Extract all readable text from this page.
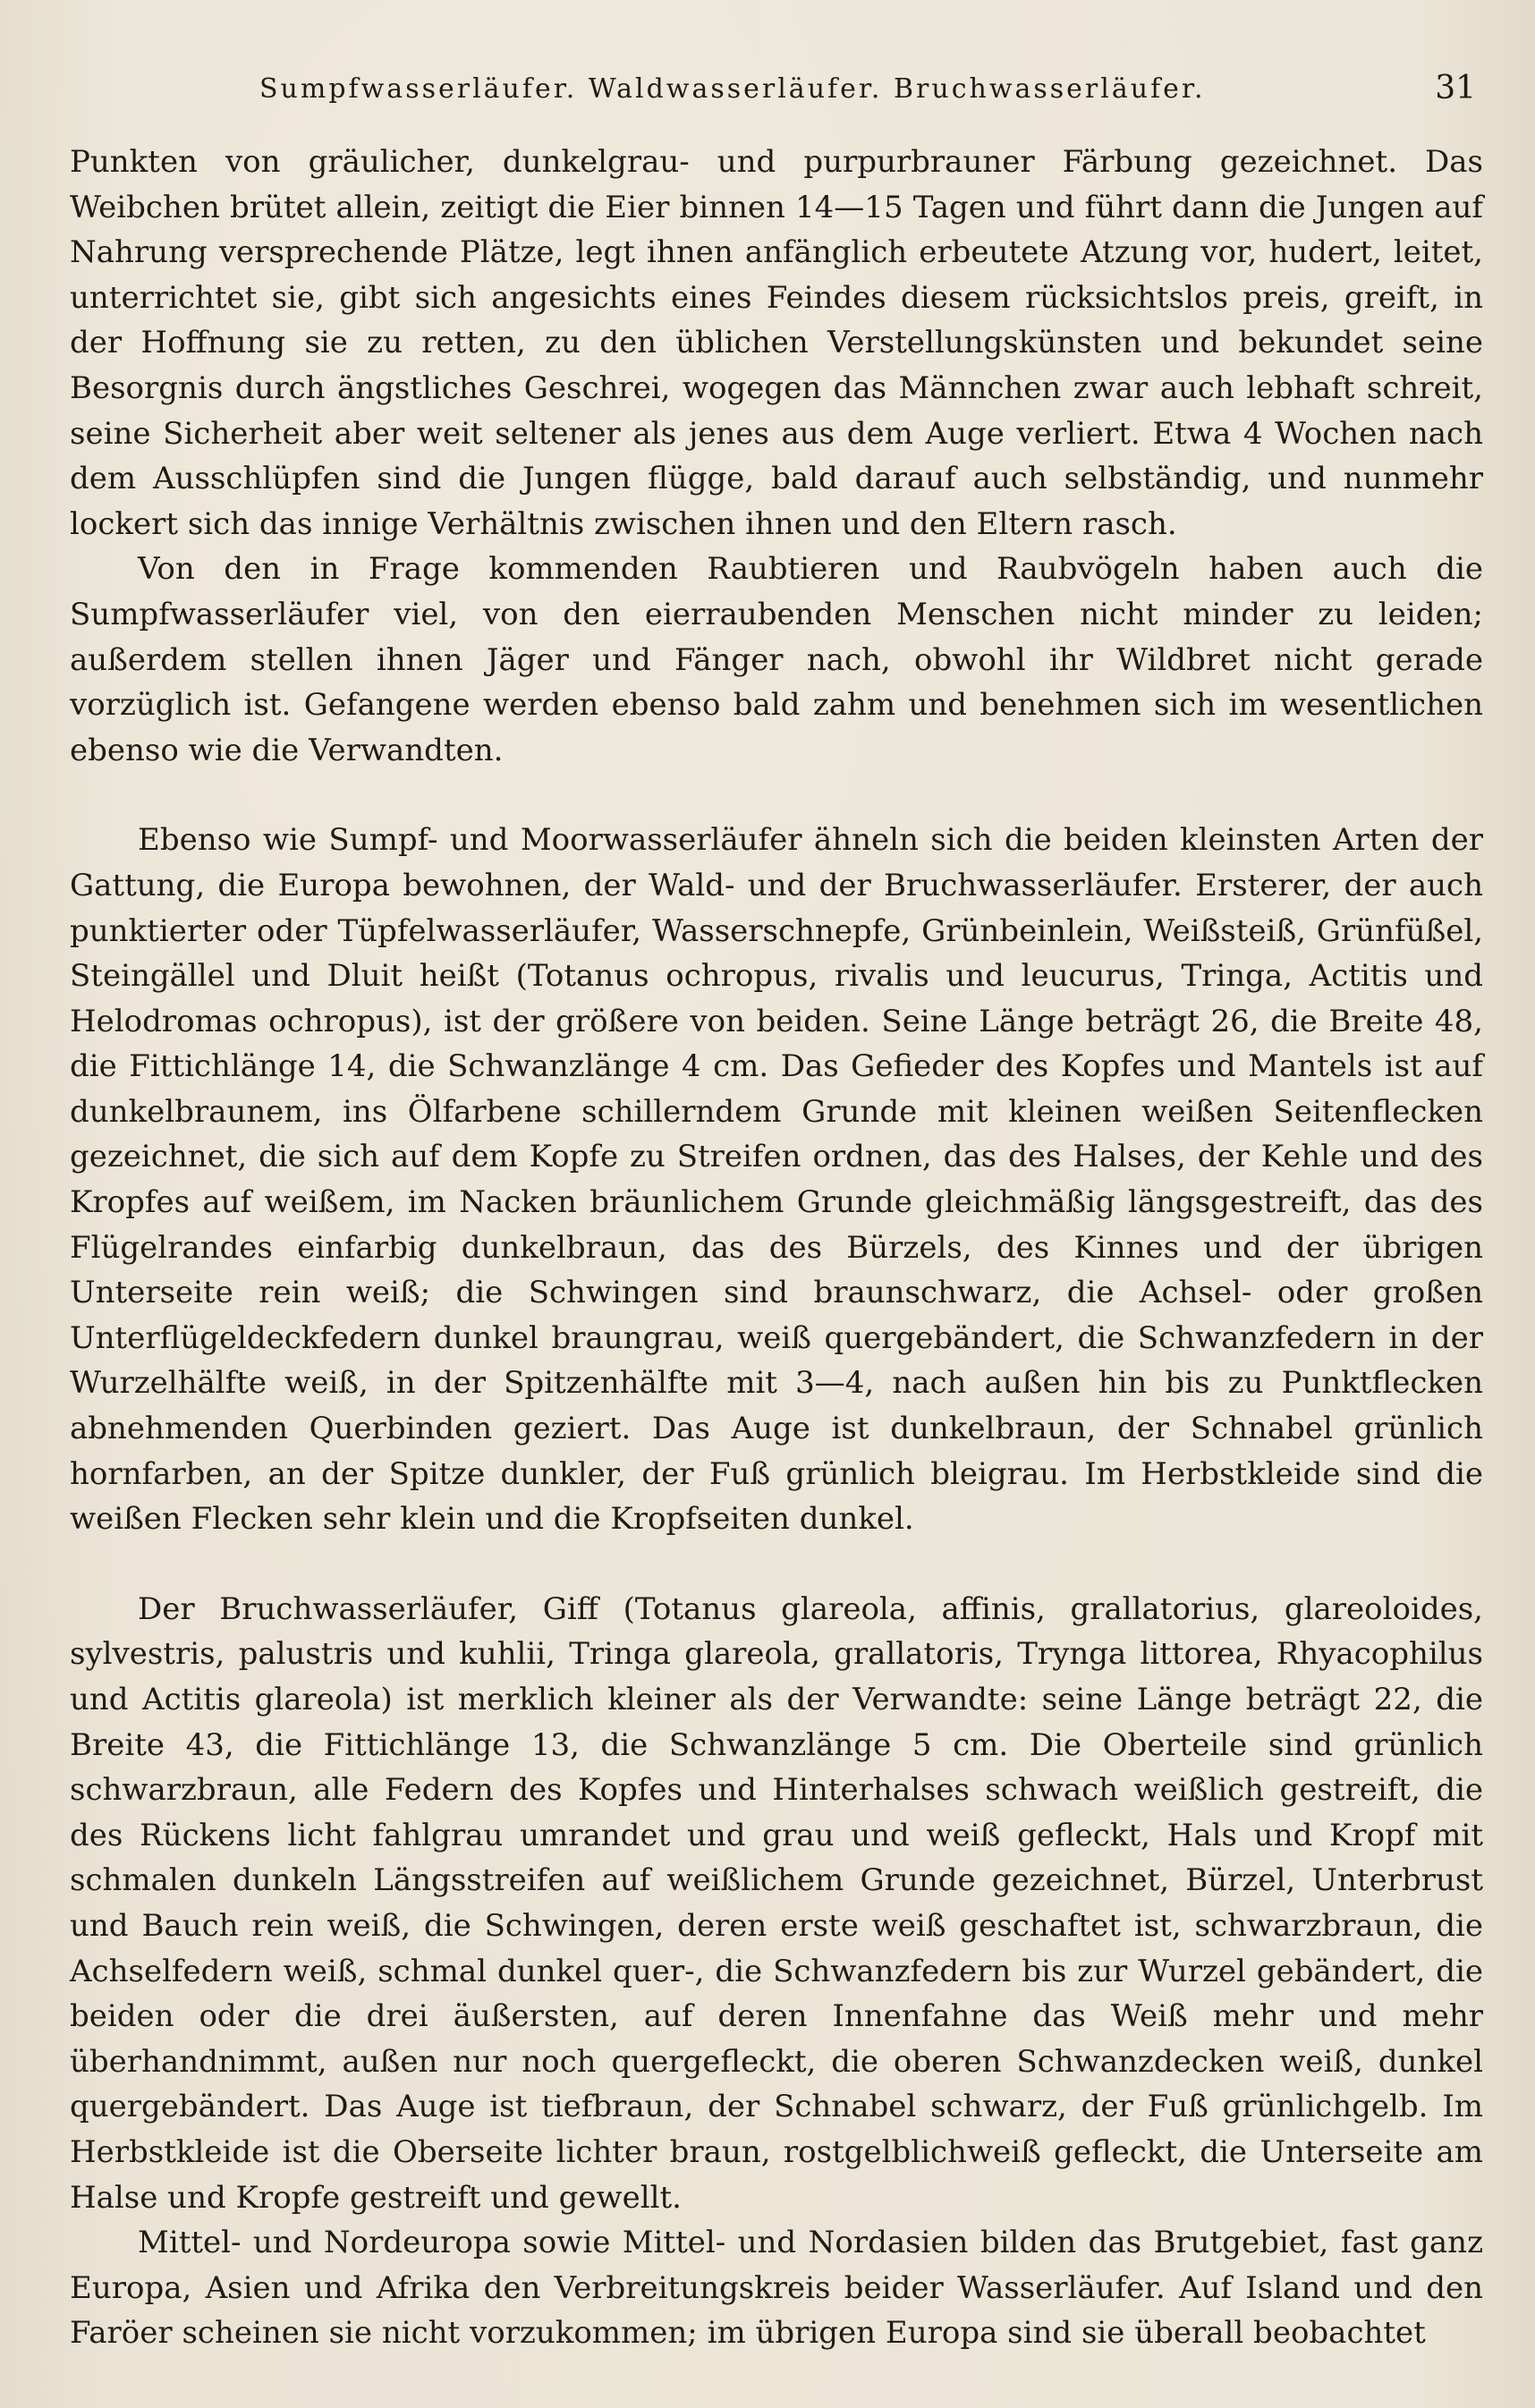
Sumpfwasserläufer. Waldwasserläufer. Bruchwasserläufer.	31

Punkten von gräulicher, dunkelgrau- und purpurbrauner Färbung gezeichnet. Das Weibchen brütet allein, zeitigt die Eier binnen 14—15 Tagen und führt dann die Jungen auf Nahrung versprechende Plätze, legt ihnen anfänglich erbeutete Atzung vor, hudert, leitet, unterrichtet sie, gibt sich angesichts eines Feindes diesem rücksichtslos preis, greift, in der Hoffnung sie zu retten, zu den üblichen Verstellungskünsten und bekundet seine Besorgnis durch ängstliches Geschrei, wogegen das Männchen zwar auch lebhaft schreit, seine Sicherheit aber weit seltener als jenes aus dem Auge verliert. Etwa 4 Wochen nach dem Ausschlüpfen sind die Jungen flügge, bald darauf auch selbständig, und nunmehr lockert sich das innige Verhältnis zwischen ihnen und den Eltern rasch.

Von den in Frage kommenden Raubtieren und Raubvögeln haben auch die Sumpfwasserläufer viel, von den eierraubenden Menschen nicht minder zu leiden; außerdem stellen ihnen Jäger und Fänger nach, obwohl ihr Wildbret nicht gerade vorzüglich ist. Gefangene werden ebenso bald zahm und benehmen sich im wesentlichen ebenso wie die Verwandten.

Ebenso wie Sumpf- und Moorwasserläufer ähneln sich die beiden kleinsten Arten der Gattung, die Europa bewohnen, der Wald- und der Bruchwasserläufer. Ersterer, der auch punktierter oder Tüpfelwasserläufer, Wasserschnepfe, Grünbeinlein, Weißsteiß, Grünfüßel, Steingällel und Dluit heißt (Totanus ochropus, rivalis und leucurus, Tringa, Actitis und Helodromas ochropus), ist der größere von beiden. Seine Länge beträgt 26, die Breite 48, die Fittichlänge 14, die Schwanzlänge 4 cm. Das Gefieder des Kopfes und Mantels ist auf dunkelbraunem, ins Ölfarbene schillerndem Grunde mit kleinen weißen Seitenflecken gezeichnet, die sich auf dem Kopfe zu Streifen ordnen, das des Halses, der Kehle und des Kropfes auf weißem, im Nacken bräunlichem Grunde gleichmäßig längsgestreift, das des Flügelrandes einfarbig dunkelbraun, das des Bürzels, des Kinnes und der übrigen Unterseite rein weiß; die Schwingen sind braunschwarz, die Achsel- oder großen Unterflügeldeckfedern dunkel braungrau, weiß quergebändert, die Schwanzfedern in der Wurzelhälfte weiß, in der Spitzenhälfte mit 3—4, nach außen hin bis zu Punktflecken abnehmenden Querbinden geziert. Das Auge ist dunkelbraun, der Schnabel grünlich hornfarben, an der Spitze dunkler, der Fuß grünlich bleigrau. Im Herbstkleide sind die weißen Flecken sehr klein und die Kropfseiten dunkel.

Der Bruchwasserläufer, Giff (Totanus glareola, affinis, grallatorius, glareoloides, sylvestris, palustris und kuhlii, Tringa glareola, grallatoris, Trynga littorea, Rhyacophilus und Actitis glareola) ist merklich kleiner als der Verwandte: seine Länge beträgt 22, die Breite 43, die Fittichlänge 13, die Schwanzlänge 5 cm. Die Oberteile sind grünlich schwarzbraun, alle Federn des Kopfes und Hinterhalses schwach weißlich gestreift, die des Rückens licht fahlgrau umrandet und grau und weiß gefleckt, Hals und Kropf mit schmalen dunkeln Längsstreifen auf weißlichem Grunde gezeichnet, Bürzel, Unterbrust und Bauch rein weiß, die Schwingen, deren erste weiß geschaftet ist, schwarzbraun, die Achselfedern weiß, schmal dunkel quer-, die Schwanzfedern bis zur Wurzel gebändert, die beiden oder die drei äußersten, auf deren Innenfahne das Weiß mehr und mehr überhandnimmt, außen nur noch quergefleckt, die oberen Schwanzdecken weiß, dunkel quergebändert. Das Auge ist tiefbraun, der Schnabel schwarz, der Fuß grünlichgelb. Im Herbstkleide ist die Oberseite lichter braun, rostgelblichweiß gefleckt, die Unterseite am Halse und Kropfe gestreift und gewellt.

Mittel- und Nordeuropa sowie Mittel- und Nordasien bilden das Brutgebiet, fast ganz Europa, Asien und Afrika den Verbreitungskreis beider Wasserläufer. Auf Island und den Faröer scheinen sie nicht vorzukommen; im übrigen Europa sind sie überall beobachtet
